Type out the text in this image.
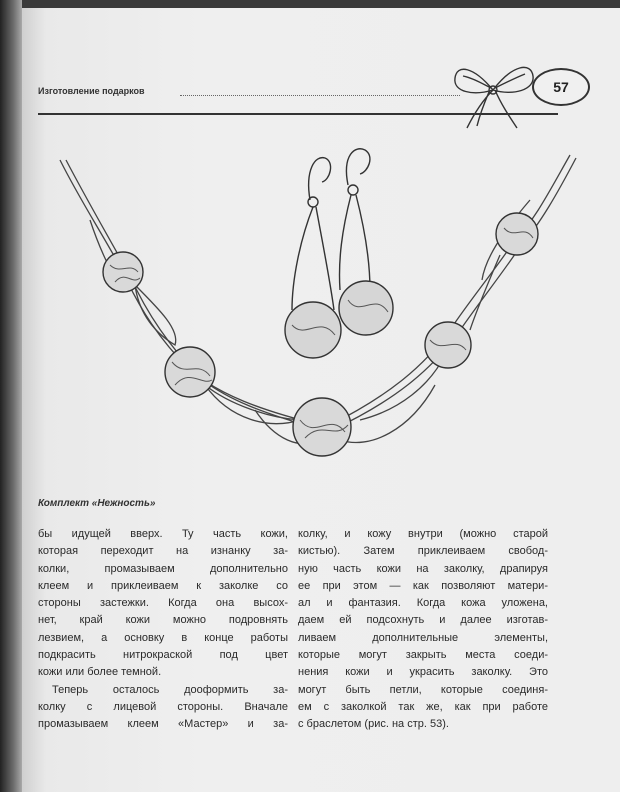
Изготовление подарков	57
Комплект «Нежность»
бы идущей вверх. Ту часть кожи,
которая переходит на изнанку за-
колки, промазываем дополнительно
клеем и приклеиваем к заколке со
стороны застежки. Когда она высох-
нет, край кожи можно подровнять
лезвием, а основку в конце работы
подкрасить нитрокраской под цвет
кожи или более темной.
Теперь осталось дооформить за-
колку с лицевой стороны. Вначале
промазываем клеем «Мастер» и за-
колку, и кожу внутри (можно старой
кистью). Затем приклеиваем свобод-
ную часть кожи на заколку, драпируя
ее при этом — как позволяют матери-
ал и фантазия. Когда кожа уложена,
даем ей подсохнуть и далее изготав-
ливаем дополнительные элементы,
которые могут закрыть места соеди-
нения кожи и украсить заколку. Это
могут быть петли, которые соединя-
ем с заколкой так же, как при работе
с браслетом (рис. на стр. 53).
